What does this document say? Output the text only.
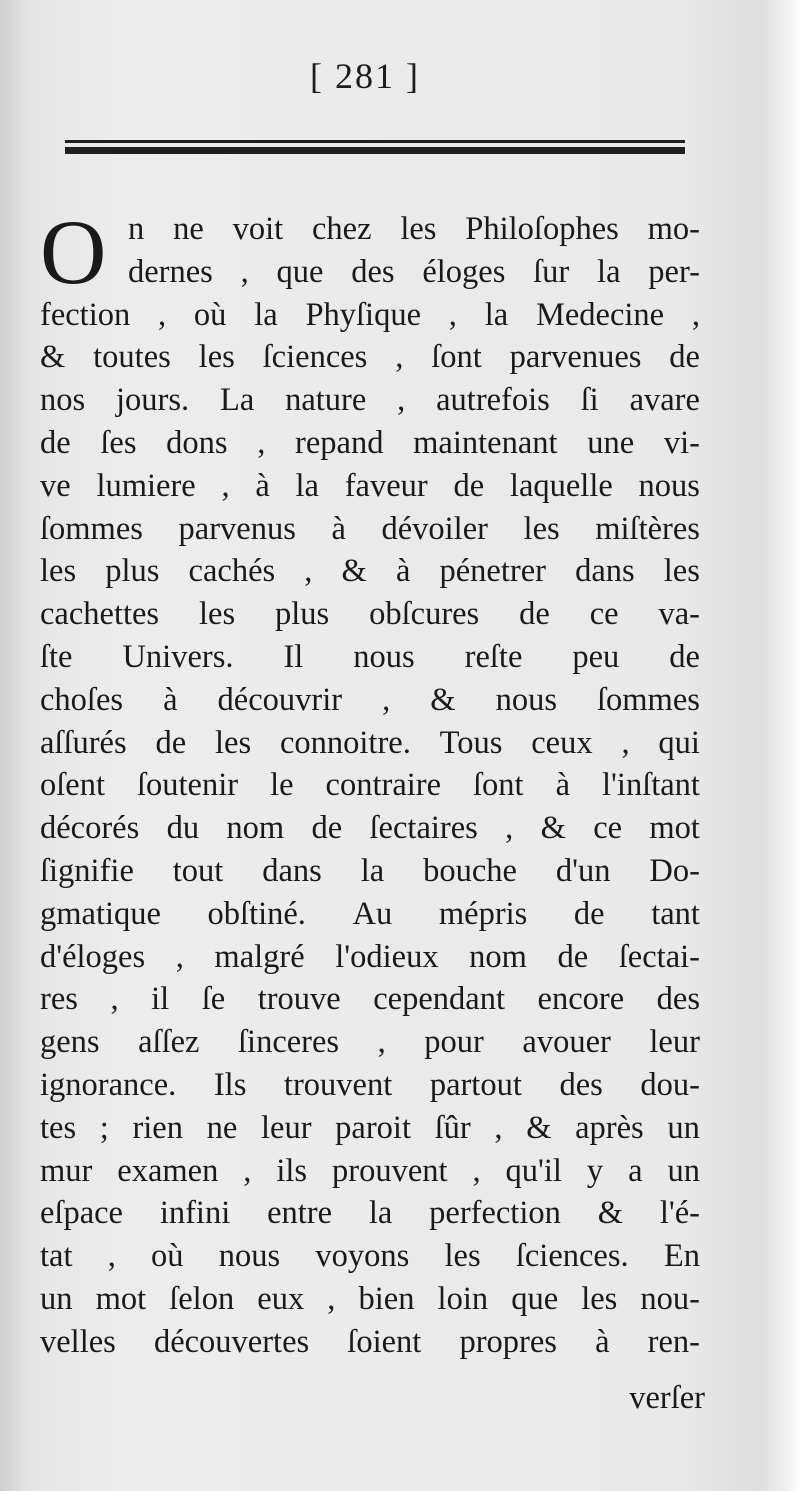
[ 281 ]
O n ne voit chez les Philoſophes mo-
dernes , que des éloges ſur la per-
fection , où la Phyſique , la Medecine ,
& toutes les ſciences , ſont parvenues de
nos jours. La nature , autrefois ſi avare
de ſes dons , repand maintenant une vi-
ve lumiere , à la faveur de laquelle nous
ſommes parvenus à dévoiler les miſtères
les plus cachés , & à pénetrer dans les
cachettes les plus obſcures de ce va-
ſte Univers. Il nous reſte peu de
choſes à découvrir , & nous ſommes
aſſurés de les connoitre. Tous ceux , qui
oſent ſoutenir le contraire ſont à l'inſtant
décorés du nom de ſectaires , & ce mot
ſignifie tout dans la bouche d'un Do-
gmatique obſtiné. Au mépris de tant
d'éloges , malgré l'odieux nom de ſectai-
res , il ſe trouve cependant encore des
gens aſſez ſinceres , pour avouer leur
ignorance. Ils trouvent partout des dou-
tes ; rien ne leur paroit ſûr , & après un
mur examen , ils prouvent , qu'il y a un
eſpace infini entre la perfection & l'é-
tat , où nous voyons les ſciences. En
un mot ſelon eux , bien loin que les nou-
velles découvertes ſoient propres à ren-
verſer
